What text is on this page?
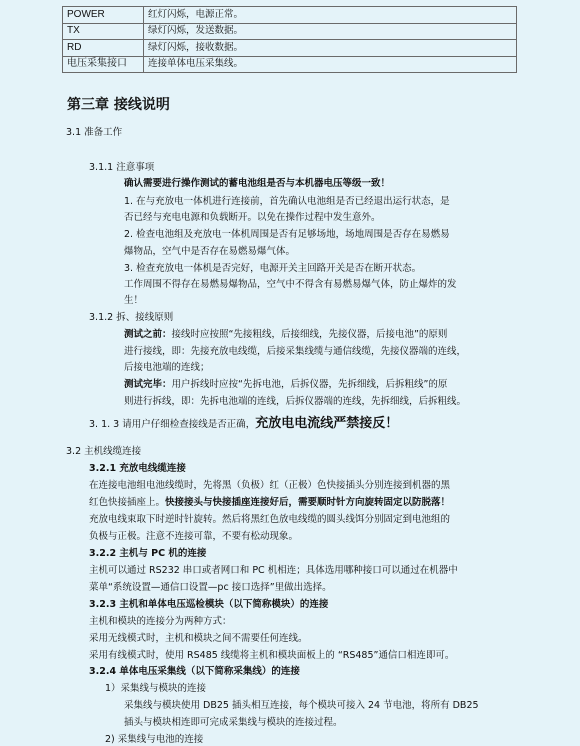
POWER	红灯闪烁，电源正常。
TX	绿灯闪烁，发送数据。
RD	绿灯闪烁，接收数据。
电压采集接口	连接单体电压采集线。
第三章 接线说明
3.1 准备工作
3.1.1 注意事项
确认需要进行操作测试的蓄电池组是否与本机器电压等级一致！
1. 在与充放电一体机进行连接前，首先确认电池组是否已经退出运行状态，是
否已经与充电电源和负载断开。以免在操作过程中发生意外。
2. 检查电池组及充放电一体机周围是否有足够场地，场地周围是否存在易燃易
爆物品，空气中是否存在易燃易爆气体。
3. 检查充放电一体机是否完好，电源开关主回路开关是否在断开状态。
工作周围不得存在易燃易爆物品，空气中不得含有易燃易爆气体，防止爆炸的发
生！
3.1.2 拆、接线原则
测试之前：接线时应按照“先接粗线，后接细线，先接仪器，后接电池”的原则
进行接线，即：先接充放电线缆，后接采集线缆与通信线缆，先接仪器端的连线，
后接电池端的连线；
测试完毕：用户拆线时应按“先拆电池，后拆仪器，先拆细线，后拆粗线”的原
则进行拆线，即：先拆电池端的连线，后拆仪器端的连线，先拆细线，后拆粗线。
3. 1. 3 请用户仔细检查接线是否正确，充放电电流线严禁接反！
3.2 主机线缆连接
3.2.1 充放电线缆连接
在连接电池组电池线缆时，先将黑（负极）红（正极）色快接插头分别连接到机器的黑
红色快接插座上。快接接头与快接插座连接好后，需要顺时针方向旋转固定以防脱落！
充放电线束取下时逆时针旋转。然后将黑红色放电线缆的圆头线饵分别固定到电池组的
负极与正极。注意不连接可靠，不要有松动现象。
3.2.2 主机与 PC 机的连接
主机可以通过 RS232 串口或者网口和 PC 机相连；具体选用哪种接口可以通过在机器中
菜单“系统设置—通信口设置—pc 接口选择”里做出选择。
3.2.3 主机和单体电压巡检模块（以下简称模块）的连接
主机和模块的连接分为两种方式：
采用无线模式时，主机和模块之间不需要任何连线。
采用有线模式时，使用 RS485 线缆将主机和模块面板上的 “RS485”通信口相连即可。
3.2.4 单体电压采集线（以下简称采集线）的连接
1）采集线与模块的连接
采集线与模块使用 DB25 插头相互连接，每个模块可接入 24 节电池，将所有 DB25
插头与模块相连即可完成采集线与模块的连接过程。
2) 采集线与电池的连接
